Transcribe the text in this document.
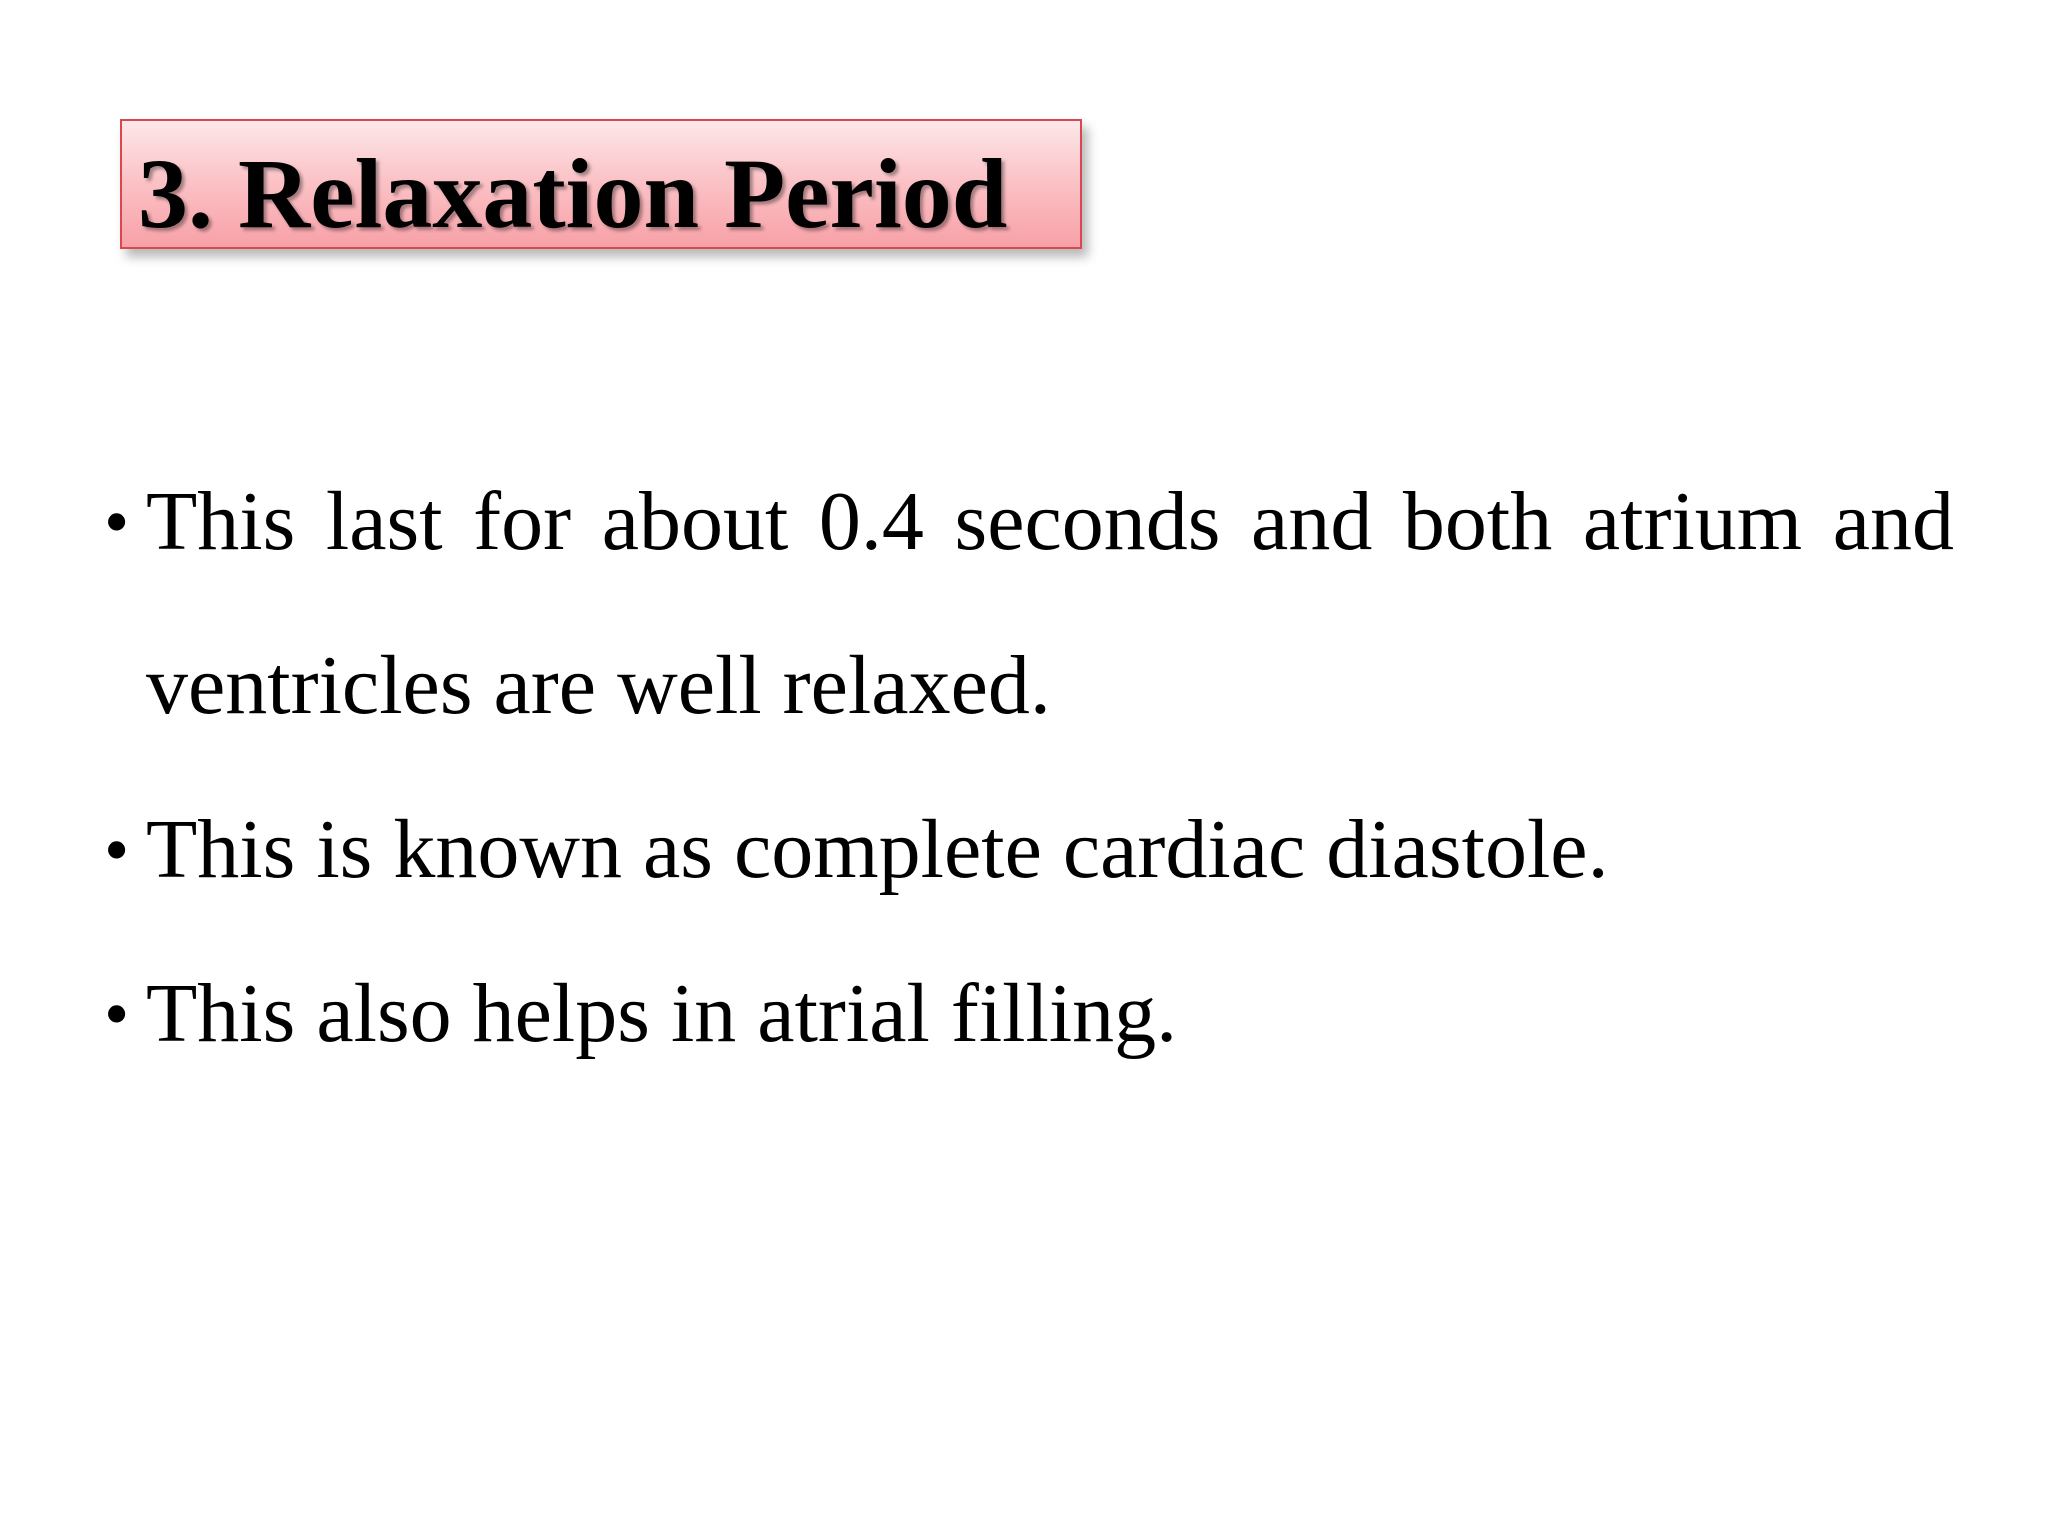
3. Relaxation Period
• This last for about 0.4 seconds and both atrium and ventricles are well relaxed.
• This is known as complete cardiac diastole.
• This also helps in atrial filling.
